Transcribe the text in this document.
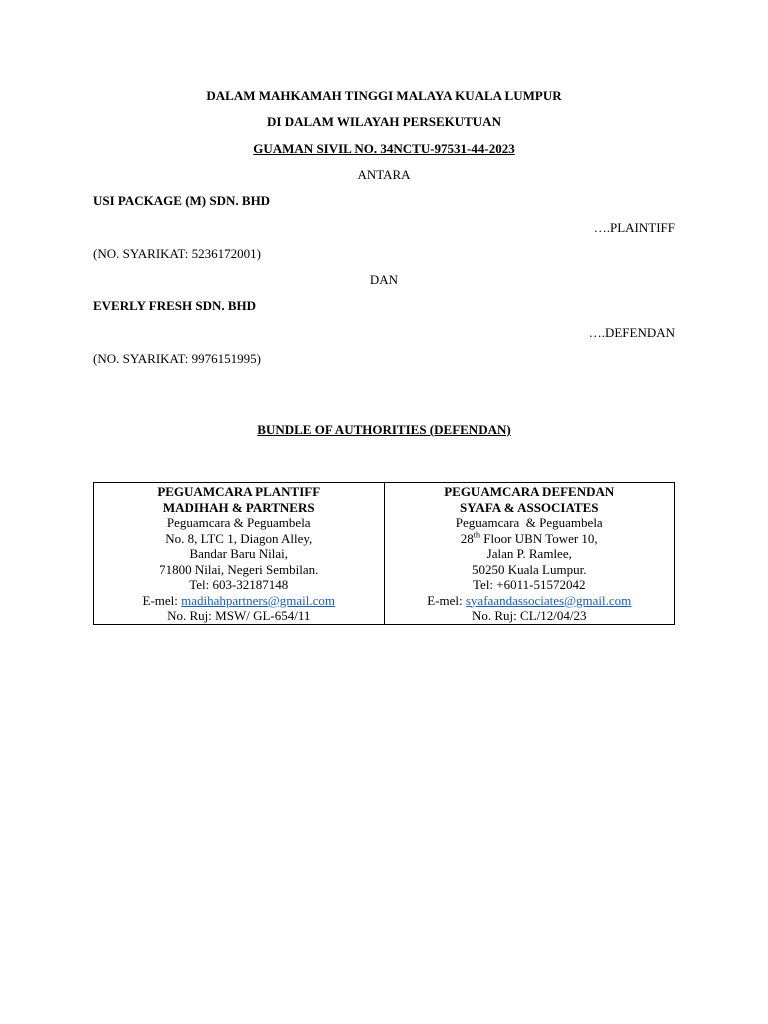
DALAM MAHKAMAH TINGGI MALAYA KUALA LUMPUR
DI DALAM WILAYAH PERSEKUTUAN
GUAMAN SIVIL NO. 34NCTU-97531-44-2023
ANTARA
USI PACKAGE (M) SDN. BHD
….PLAINTIFF
(NO. SYARIKAT: 5236172001)
DAN
EVERLY FRESH SDN. BHD
….DEFENDAN
(NO. SYARIKAT: 9976151995)
BUNDLE OF AUTHORITIES (DEFENDAN)
PEGUAMCARA PLANTIFF
MADIHAH & PARTNERS
Peguamcara & Peguambela
No. 8, LTC 1, Diagon Alley,
Bandar Baru Nilai,
71800 Nilai, Negeri Sembilan.
Tel: 603-32187148
E-mel: madihahpartners@gmail.com
No. Ruj: MSW/ GL-654/11

PEGUAMCARA DEFENDAN
SYAFA & ASSOCIATES
Peguamcara  & Peguambela
28th Floor UBN Tower 10,
Jalan P. Ramlee,
50250 Kuala Lumpur.
Tel: +6011-51572042
E-mel: syafaandassociates@gmail.com
No. Ruj: CL/12/04/23
